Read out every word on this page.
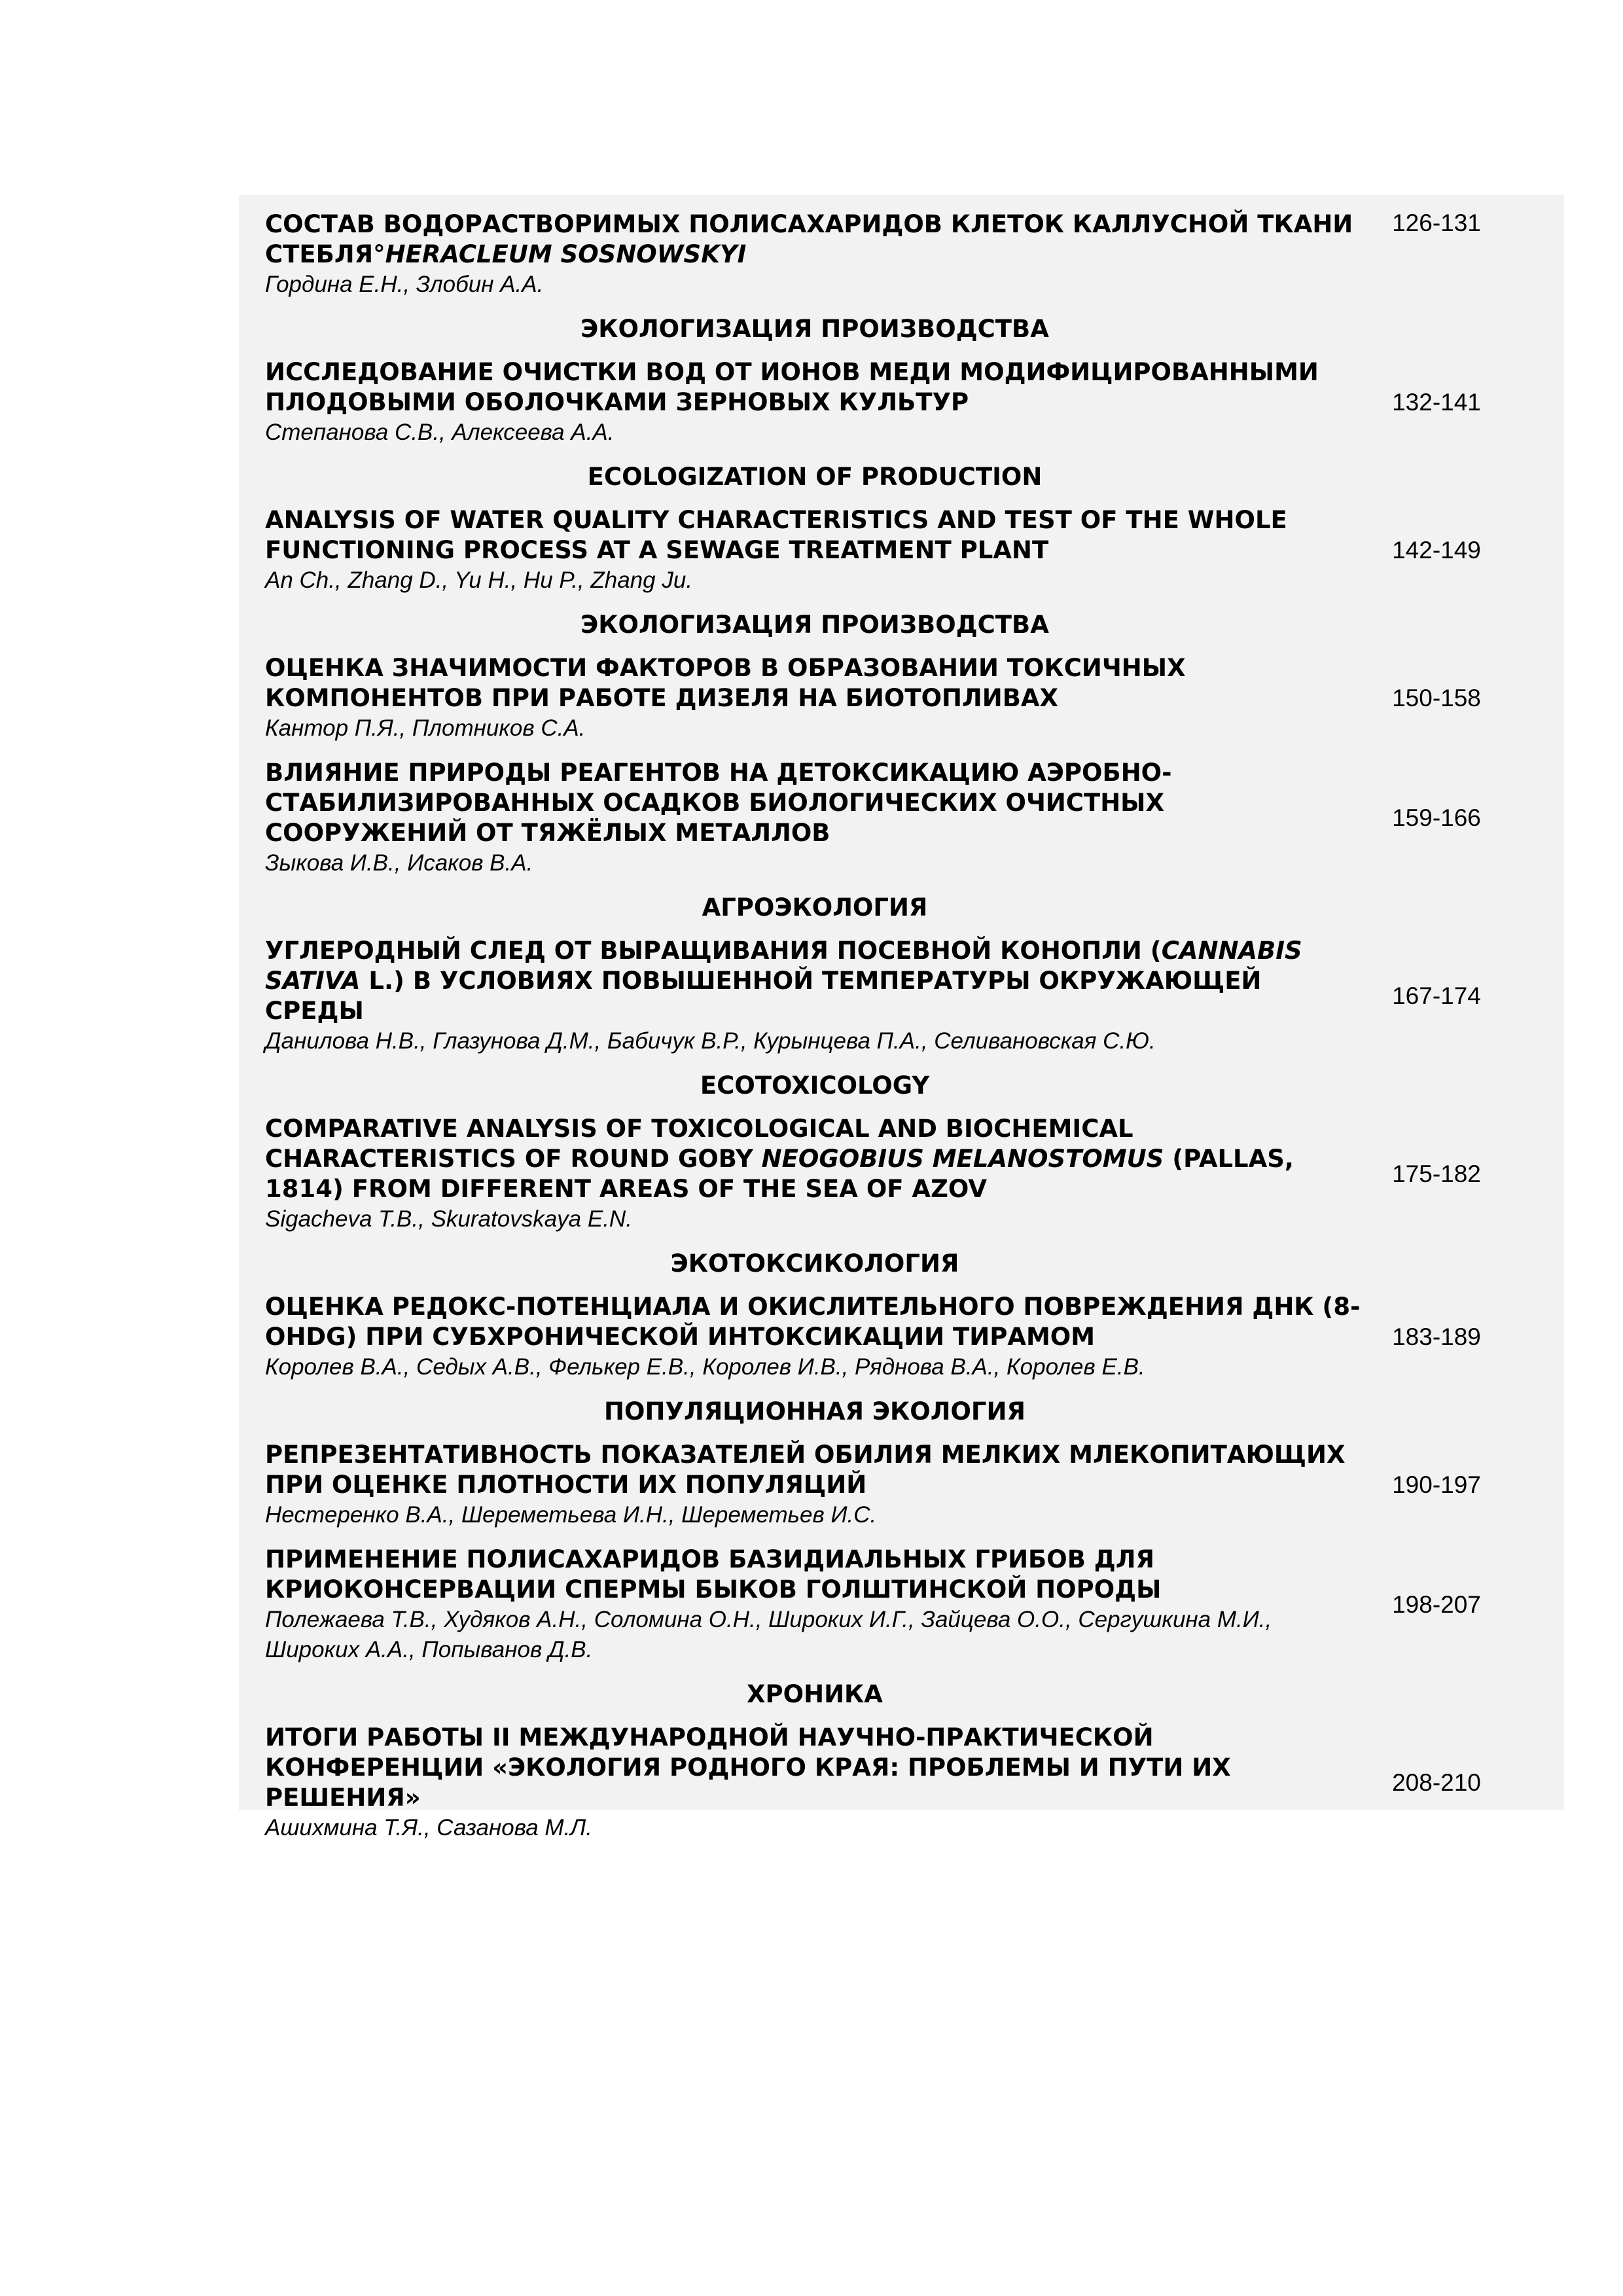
СОСТАВ ВОДОРАСТВОРИМЫХ ПОЛИСАХАРИДОВ КЛЕТОК КАЛЛУСНОЙ ТКАНИ СТЕБЛЯ°HERACLEUM SOSNOWSKYI
Гордина Е.Н., Злобин А.А.
126-131
ЭКОЛОГИЗАЦИЯ ПРОИЗВОДСТВА
ИССЛЕДОВАНИЕ ОЧИСТКИ ВОД ОТ ИОНОВ МЕДИ МОДИФИЦИРОВАННЫМИ ПЛОДОВЫМИ ОБОЛОЧКАМИ ЗЕРНОВЫХ КУЛЬТУР
Степанова С.В., Алексеева А.А.
132-141
ECOLOGIZATION OF PRODUCTION
ANALYSIS OF WATER QUALITY CHARACTERISTICS AND TEST OF THE WHOLE FUNCTIONING PROCESS AT A SEWAGE TREATMENT PLANT
An Ch., Zhang D., Yu H., Hu P., Zhang Ju.
142-149
ЭКОЛОГИЗАЦИЯ ПРОИЗВОДСТВА
ОЦЕНКА ЗНАЧИМОСТИ ФАКТОРОВ В ОБРАЗОВАНИИ ТОКСИЧНЫХ КОМПОНЕНТОВ ПРИ РАБОТЕ ДИЗЕЛЯ НА БИОТОПЛИВАХ
Кантор П.Я., Плотников С.А.
150-158
ВЛИЯНИЕ ПРИРОДЫ РЕАГЕНТОВ НА ДЕТОКСИКАЦИЮ АЭРОБНО-СТАБИЛИЗИРОВАННЫХ ОСАДКОВ БИОЛОГИЧЕСКИХ ОЧИСТНЫХ СООРУЖЕНИЙ ОТ ТЯЖЁЛЫХ МЕТАЛЛОВ
Зыкова И.В., Исаков В.А.
159-166
АГРОЭКОЛОГИЯ
УГЛЕРОДНЫЙ СЛЕД ОТ ВЫРАЩИВАНИЯ ПОСЕВНОЙ КОНОПЛИ (CANNABIS SATIVA L.) В УСЛОВИЯХ ПОВЫШЕННОЙ ТЕМПЕРАТУРЫ ОКРУЖАЮЩЕЙ СРЕДЫ
Данилова Н.В., Глазунова Д.М., Бабичук В.Р., Курынцева П.А., Селивановская С.Ю.
167-174
ECOTOXICOLOGY
COMPARATIVE ANALYSIS OF TOXICOLOGICAL AND BIOCHEMICAL CHARACTERISTICS OF ROUND GOBY NEOGOBIUS MELANOSTOMUS (PALLAS, 1814) FROM DIFFERENT AREAS OF THE SEA OF AZOV
Sigacheva T.B., Skuratovskaya E.N.
175-182
ЭКОТОКСИКОЛОГИЯ
ОЦЕНКА РЕДОКС-ПОТЕНЦИАЛА И ОКИСЛИТЕЛЬНОГО ПОВРЕЖДЕНИЯ ДНК (8-OHDG) ПРИ СУБХРОНИЧЕСКОЙ ИНТОКСИКАЦИИ ТИРАМОМ
Королев В.А., Седых А.В., Фелькер Е.В., Королев И.В., Ряднова В.А., Королев Е.В.
183-189
ПОПУЛЯЦИОННАЯ ЭКОЛОГИЯ
РЕПРЕЗЕНТАТИВНОСТЬ ПОКАЗАТЕЛЕЙ ОБИЛИЯ МЕЛКИХ МЛЕКОПИТАЮЩИХ ПРИ ОЦЕНКЕ ПЛОТНОСТИ ИХ ПОПУЛЯЦИЙ
Нестеренко В.А., Шереметьева И.Н., Шереметьев И.С.
190-197
ПРИМЕНЕНИЕ ПОЛИСАХАРИДОВ БАЗИДИАЛЬНЫХ ГРИБОВ ДЛЯ КРИОКОНСЕРВАЦИИ СПЕРМЫ БЫКОВ ГОЛШТИНСКОЙ ПОРОДЫ
Полежаева Т.В., Худяков А.Н., Соломина О.Н., Широких И.Г., Зайцева О.О., Сергушкина М.И., Широких А.А., Попыванов Д.В.
198-207
ХРОНИКА
ИТОГИ РАБОТЫ II МЕЖДУНАРОДНОЙ НАУЧНО-ПРАКТИЧЕСКОЙ КОНФЕРЕНЦИИ «ЭКОЛОГИЯ РОДНОГО КРАЯ: ПРОБЛЕМЫ И ПУТИ ИХ РЕШЕНИЯ»
Ашихмина Т.Я., Сазанова М.Л.
208-210
